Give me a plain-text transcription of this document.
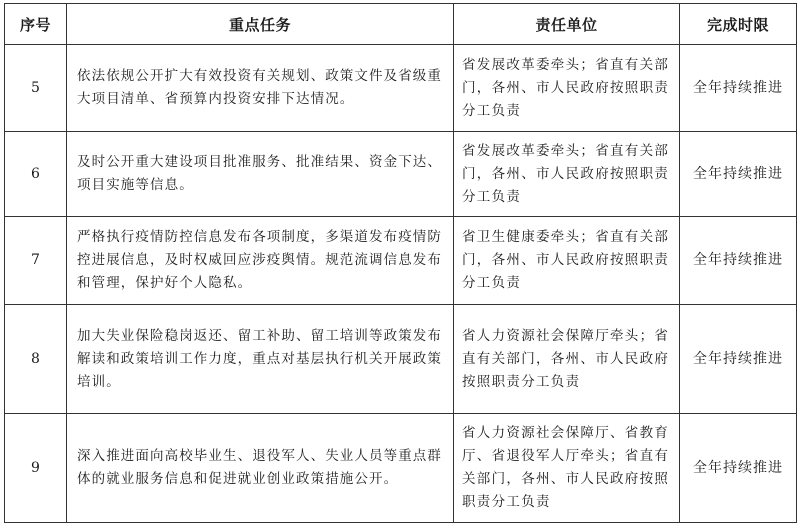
序号	重点任务	责任单位	完成时限
5	依法依规公开扩大有效投资有关规划、政策文件及省级重大项目清单、省预算内投资安排下达情况。	省发展改革委牵头；省直有关部门，各州、市人民政府按照职责分工负责	全年持续推进
6	及时公开重大建设项目批准服务、批准结果、资金下达、项目实施等信息。	省发展改革委牵头；省直有关部门，各州、市人民政府按照职责分工负责	全年持续推进
7	严格执行疫情防控信息发布各项制度，多渠道发布疫情防控进展信息，及时权威回应涉疫舆情。规范流调信息发布和管理，保护好个人隐私。	省卫生健康委牵头；省直有关部门，各州、市人民政府按照职责分工负责	全年持续推进
8	加大失业保险稳岗返还、留工补助、留工培训等政策发布解读和政策培训工作力度，重点对基层执行机关开展政策培训。	省人力资源社会保障厅牵头；省直有关部门，各州、市人民政府按照职责分工负责	全年持续推进
9	深入推进面向高校毕业生、退役军人、失业人员等重点群体的就业服务信息和促进就业创业政策措施公开。	省人力资源社会保障厅、省教育厅、省退役军人厅牵头；省直有关部门，各州、市人民政府按照职责分工负责	全年持续推进
